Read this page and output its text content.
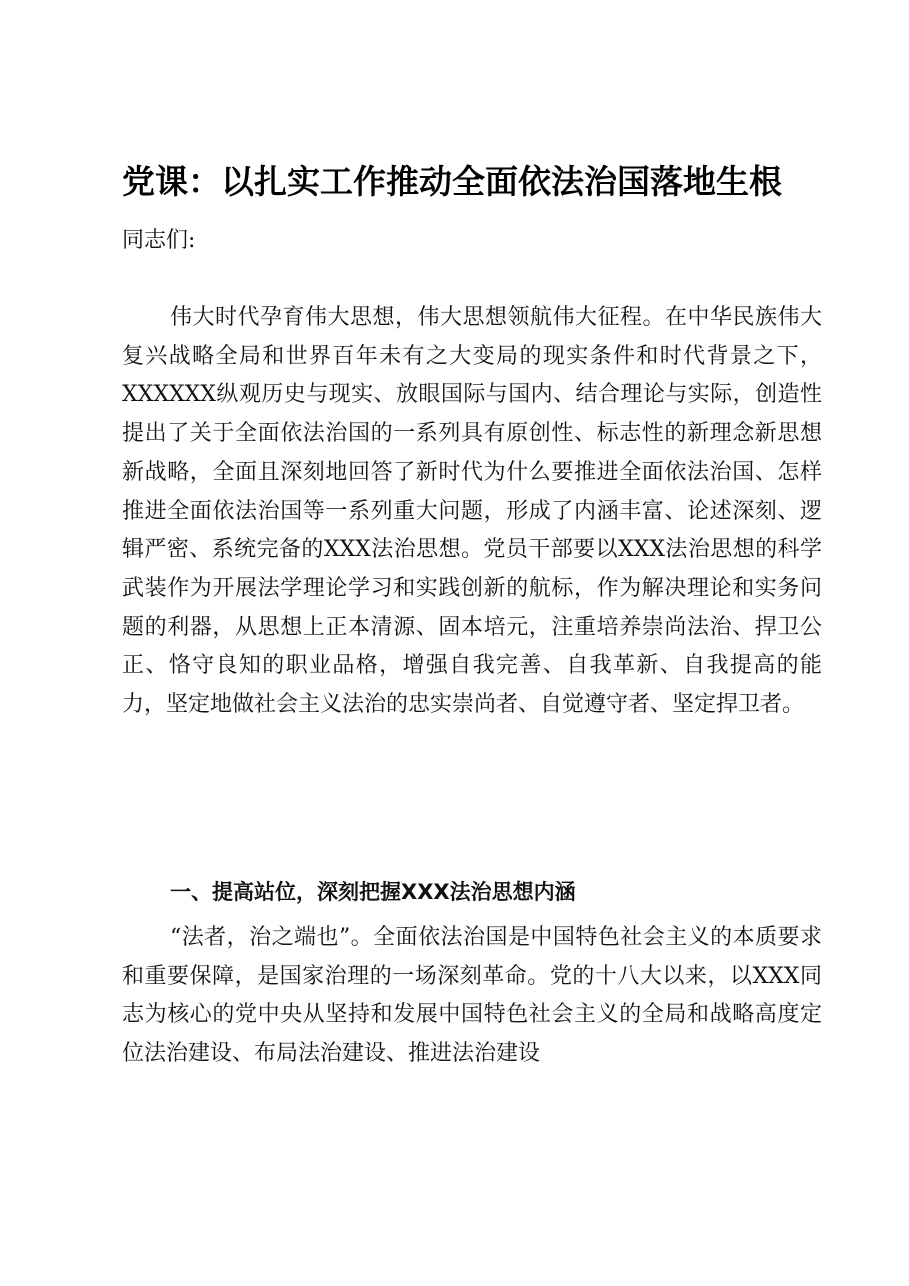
党课：以扎实工作推动全面依法治国落地生根

同志们:

伟大时代孕育伟大思想，伟大思想领航伟大征程。在中华民族伟大复兴战略全局和世界百年未有之大变局的现实条件和时代背景之下，XXXXXX纵观历史与现实、放眼国际与国内、结合理论与实际，创造性提出了关于全面依法治国的一系列具有原创性、标志性的新理念新思想新战略，全面且深刻地回答了新时代为什么要推进全面依法治国、怎样推进全面依法治国等一系列重大问题，形成了内涵丰富、论述深刻、逻辑严密、系统完备的XXX法治思想。党员干部要以XXX法治思想的科学武装作为开展法学理论学习和实践创新的航标，作为解决理论和实务问题的利器，从思想上正本清源、固本培元，注重培养崇尚法治、捍卫公正、恪守良知的职业品格，增强自我完善、自我革新、自我提高的能力，坚定地做社会主义法治的忠实崇尚者、自觉遵守者、坚定捍卫者。

一、提高站位，深刻把握XXX法治思想内涵

“法者，治之端也”。全面依法治国是中国特色社会主义的本质要求和重要保障，是国家治理的一场深刻革命。党的十八大以来，以XXX同志为核心的党中央从坚持和发展中国特色社会主义的全局和战略高度定位法治建设、布局法治建设、推进法治建设
